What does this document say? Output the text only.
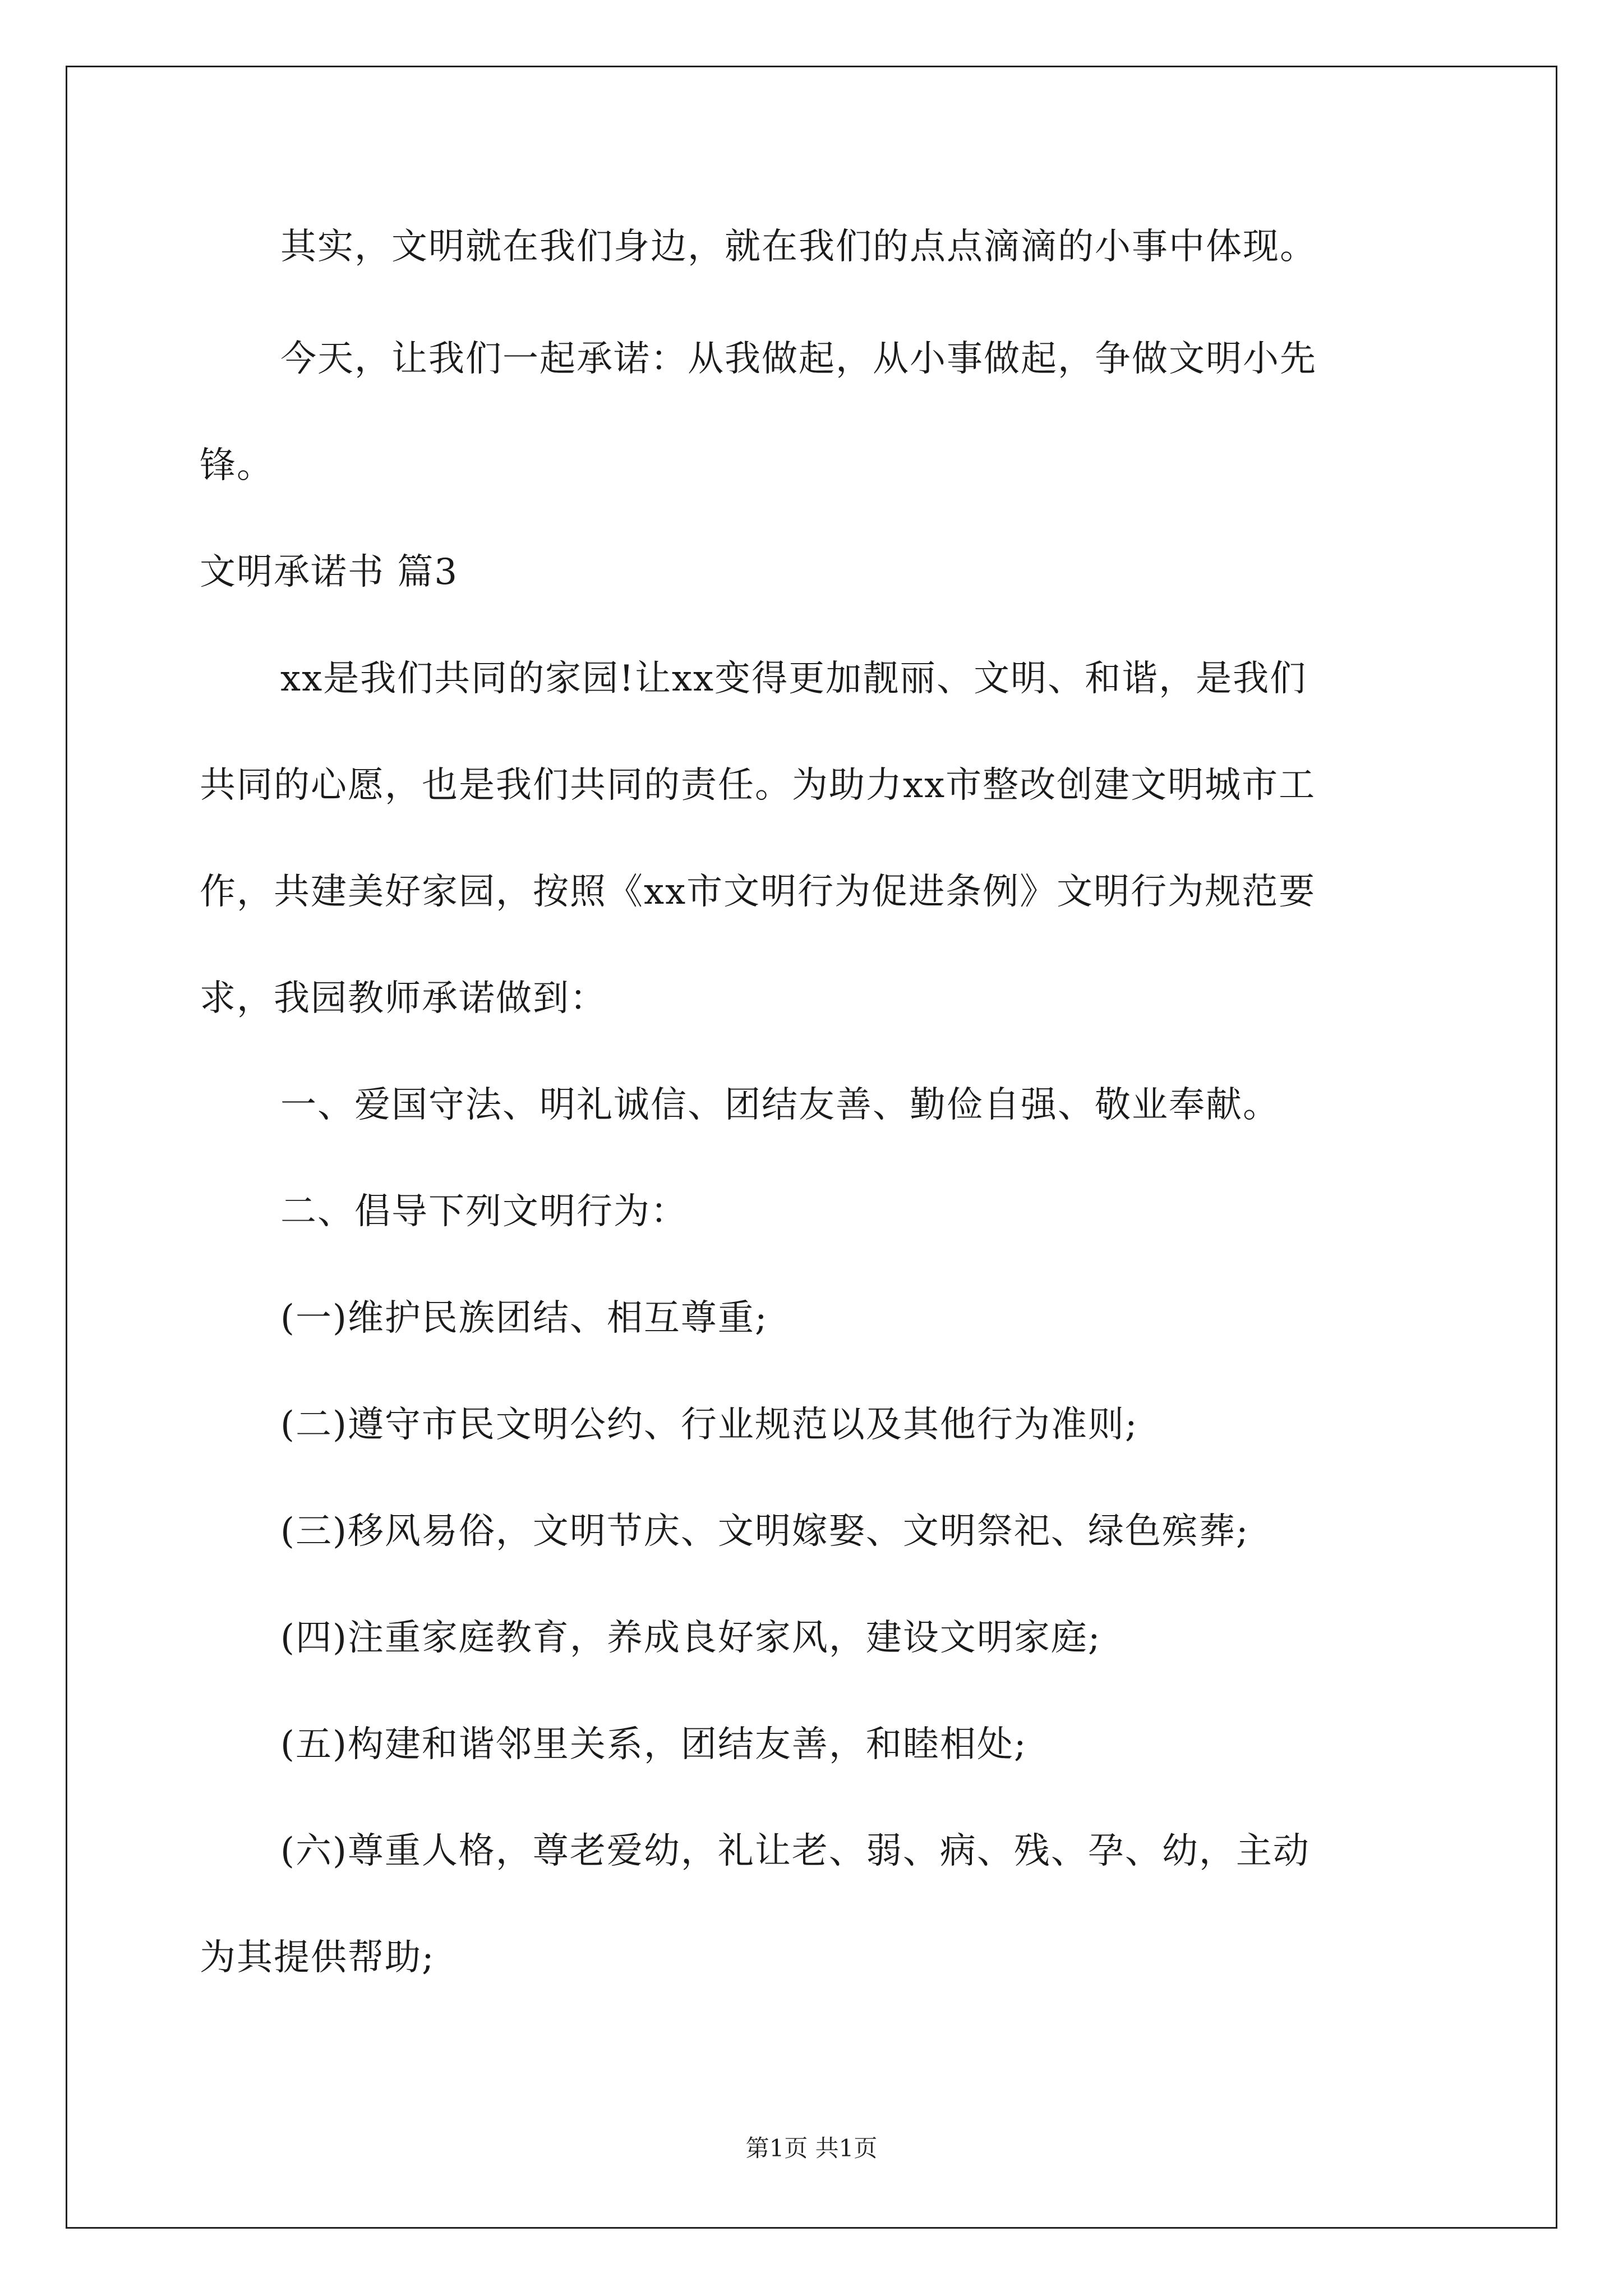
其实，文明就在我们身边，就在我们的点点滴滴的小事中体现。
今天，让我们一起承诺：从我做起，从小事做起，争做文明小先
锋。
文明承诺书 篇3
xx是我们共同的家园!让xx变得更加靓丽、文明、和谐，是我们
共同的心愿，也是我们共同的责任。为助力xx市整改创建文明城市工
作，共建美好家园，按照《xx市文明行为促进条例》文明行为规范要
求，我园教师承诺做到：
一、爱国守法、明礼诚信、团结友善、勤俭自强、敬业奉献。
二、倡导下列文明行为：
(一)维护民族团结、相互尊重;
(二)遵守市民文明公约、行业规范以及其他行为准则;
(三)移风易俗，文明节庆、文明嫁娶、文明祭祀、绿色殡葬;
(四)注重家庭教育，养成良好家风，建设文明家庭;
(五)构建和谐邻里关系，团结友善，和睦相处;
(六)尊重人格，尊老爱幼，礼让老、弱、病、残、孕、幼，主动
为其提供帮助;
第1页 共1页
